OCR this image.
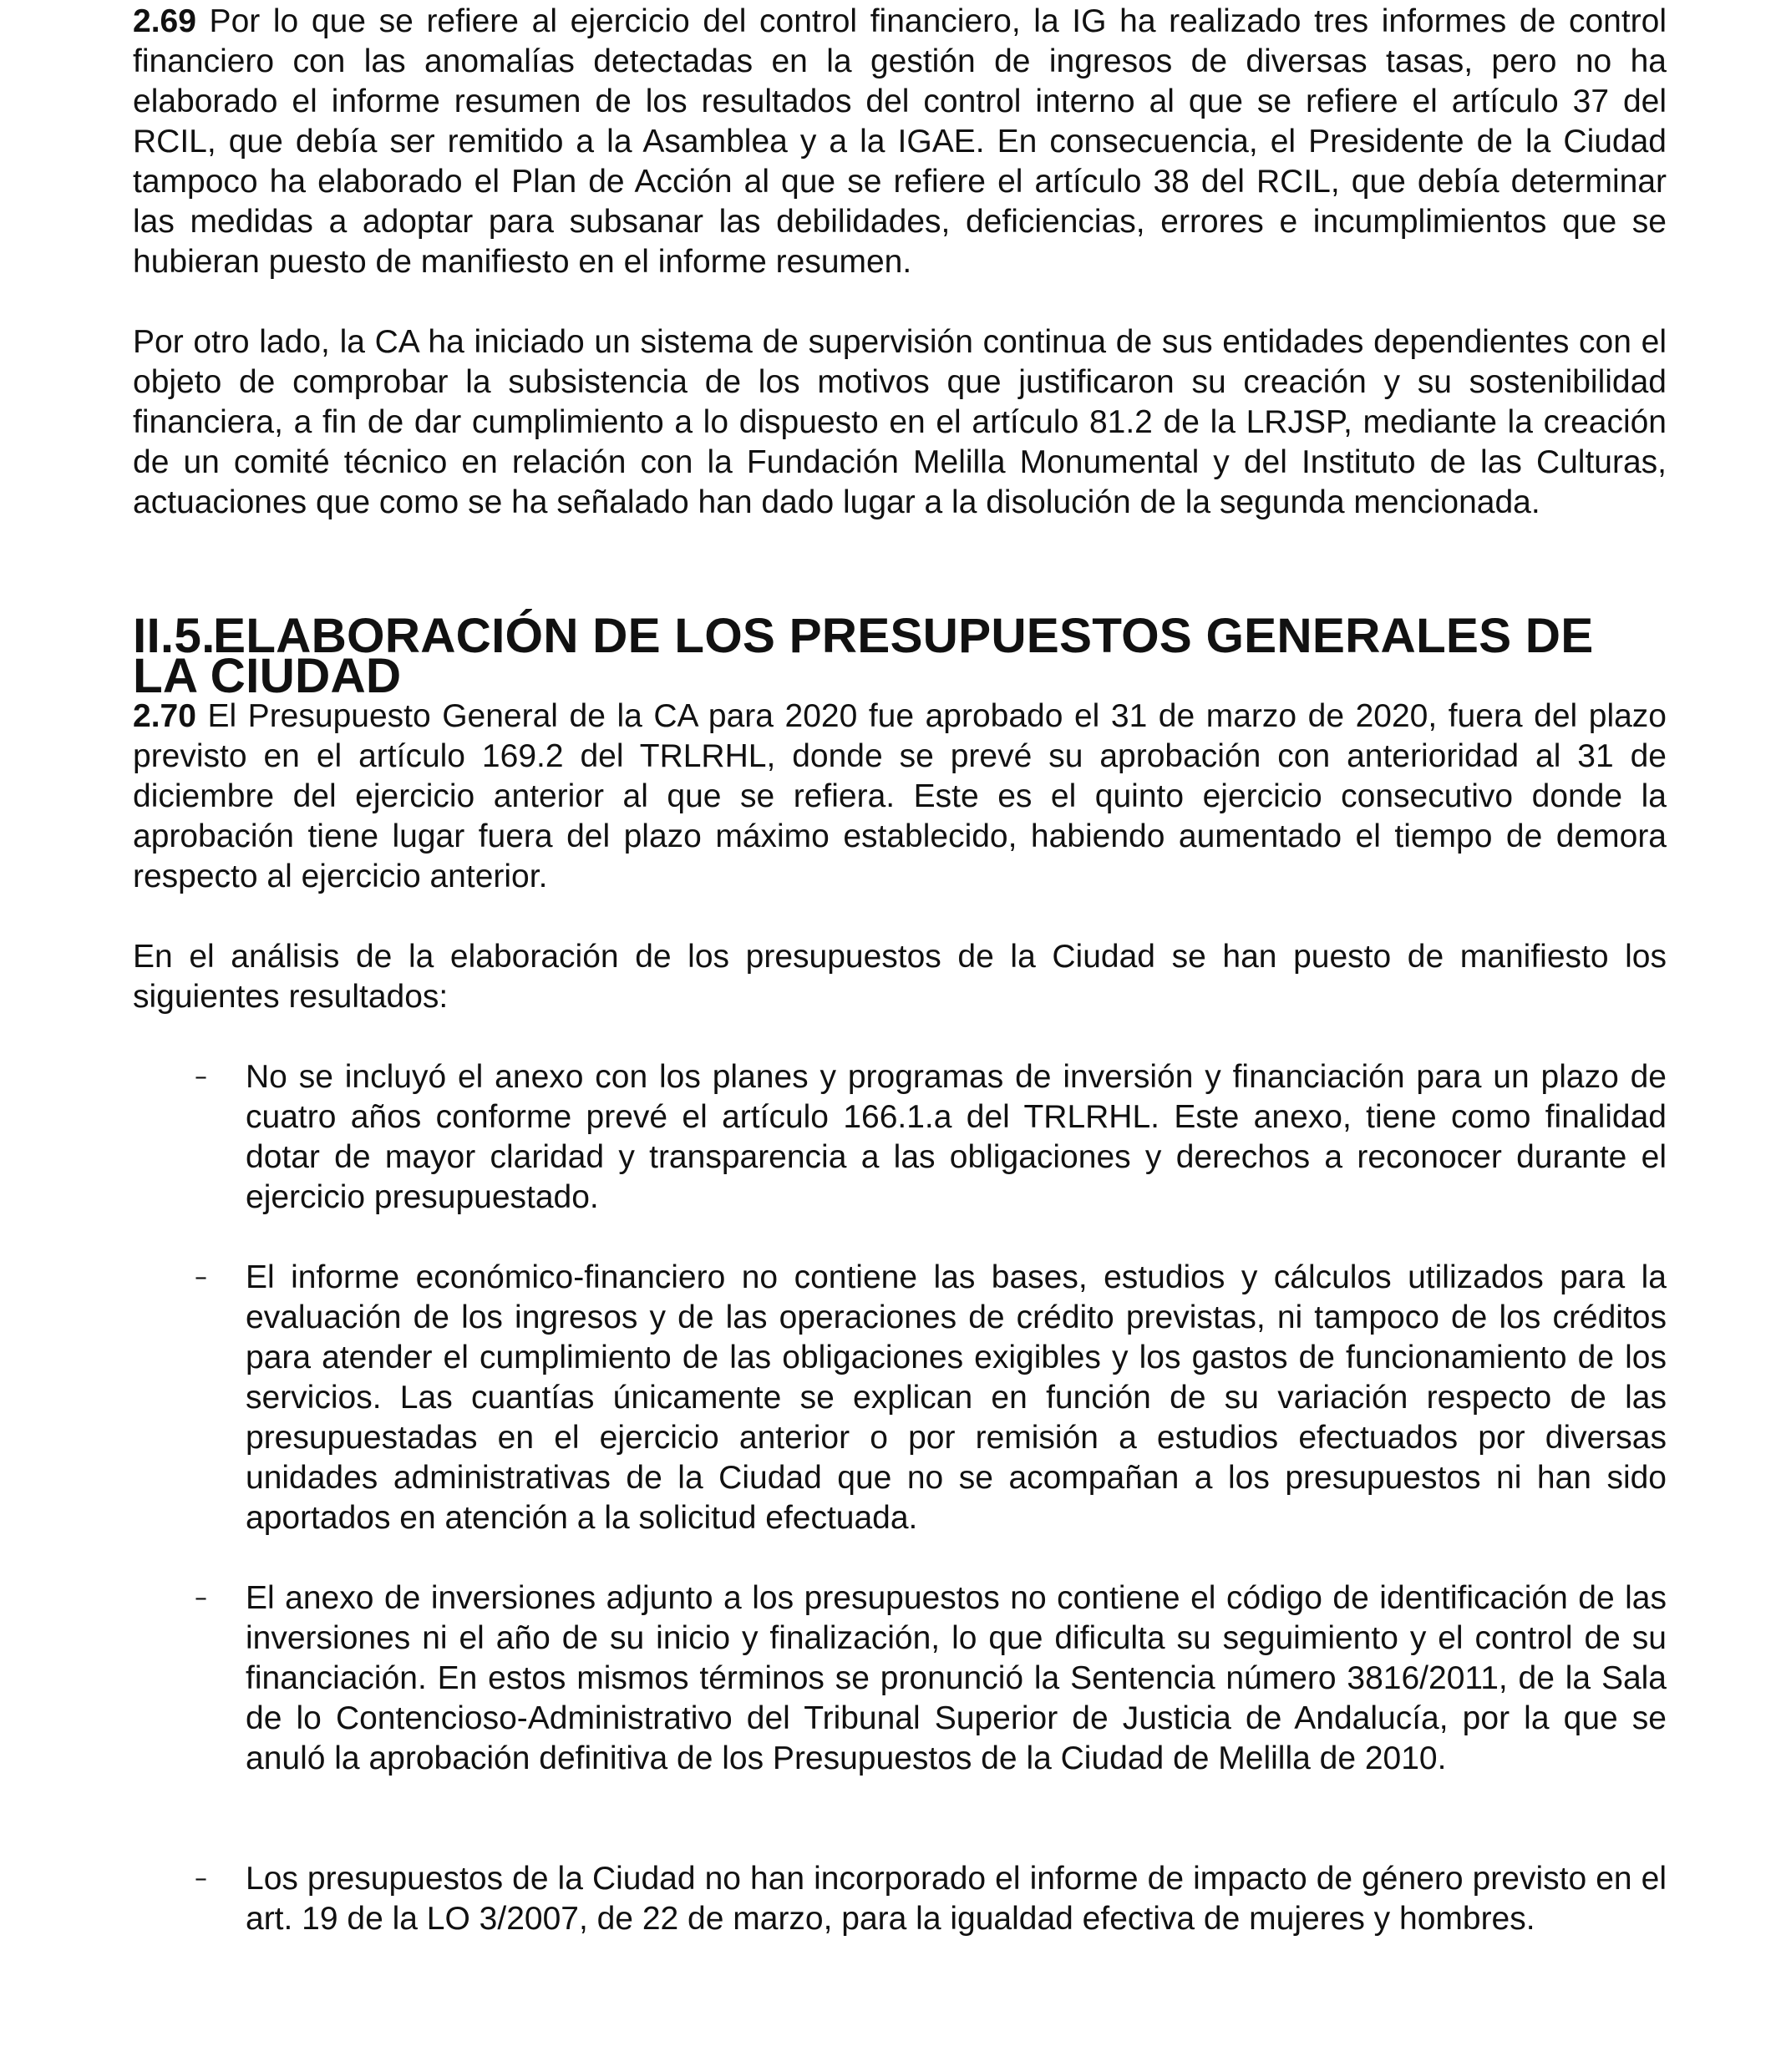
2.69 Por lo que se refiere al ejercicio del control financiero, la IG ha realizado tres informes de control financiero con las anomalías detectadas en la gestión de ingresos de diversas tasas, pero no ha elaborado el informe resumen de los resultados del control interno al que se refiere el artículo 37 del RCIL, que debía ser remitido a la Asamblea y a la IGAE. En consecuencia, el Presidente de la Ciudad tampoco ha elaborado el Plan de Acción al que se refiere el artículo 38 del RCIL, que debía determinar las medidas a adoptar para subsanar las debilidades, deficiencias, errores e incumplimientos que se hubieran puesto de manifiesto en el informe resumen.

Por otro lado, la CA ha iniciado un sistema de supervisión continua de sus entidades dependientes con el objeto de comprobar la subsistencia de los motivos que justificaron su creación y su sostenibilidad financiera, a fin de dar cumplimiento a lo dispuesto en el artículo 81.2 de la LRJSP, mediante la creación de un comité técnico en relación con la Fundación Melilla Monumental y del Instituto de las Culturas, actuaciones que como se ha señalado han dado lugar a la disolución de la segunda mencionada.

II.5.ELABORACIÓN DE LOS PRESUPUESTOS GENERALES DE LA CIUDAD

2.70 El Presupuesto General de la CA para 2020 fue aprobado el 31 de marzo de 2020, fuera del plazo previsto en el artículo 169.2 del TRLRHL, donde se prevé su aprobación con anterioridad al 31 de diciembre del ejercicio anterior al que se refiera. Este es el quinto ejercicio consecutivo donde la aprobación tiene lugar fuera del plazo máximo establecido, habiendo aumentado el tiempo de demora respecto al ejercicio anterior.

En el análisis de la elaboración de los presupuestos de la Ciudad se han puesto de manifiesto los siguientes resultados:

–	No se incluyó el anexo con los planes y programas de inversión y financiación para un plazo de cuatro años conforme prevé el artículo 166.1.a del TRLRHL. Este anexo, tiene como finalidad dotar de mayor claridad y transparencia a las obligaciones y derechos a reconocer durante el ejercicio presupuestado.

–	El informe económico-financiero no contiene las bases, estudios y cálculos utilizados para la evaluación de los ingresos y de las operaciones de crédito previstas, ni tampoco de los créditos para atender el cumplimiento de las obligaciones exigibles y los gastos de funcionamiento de los servicios. Las cuantías únicamente se explican en función de su variación respecto de las presupuestadas en el ejercicio anterior o por remisión a estudios efectuados por diversas unidades administrativas de la Ciudad que no se acompañan a los presupuestos ni han sido aportados en atención a la solicitud efectuada.

–	El anexo de inversiones adjunto a los presupuestos no contiene el código de identificación de las inversiones ni el año de su inicio y finalización, lo que dificulta su seguimiento y el control de su financiación. En estos mismos términos se pronunció la Sentencia número 3816/2011, de la Sala de lo Contencioso-Administrativo del Tribunal Superior de Justicia de Andalucía, por la que se anuló la aprobación definitiva de los Presupuestos de la Ciudad de Melilla de 2010.

–	Los presupuestos de la Ciudad no han incorporado el informe de impacto de género previsto en el art. 19 de la LO 3/2007, de 22 de marzo, para la igualdad efectiva de mujeres y hombres.
